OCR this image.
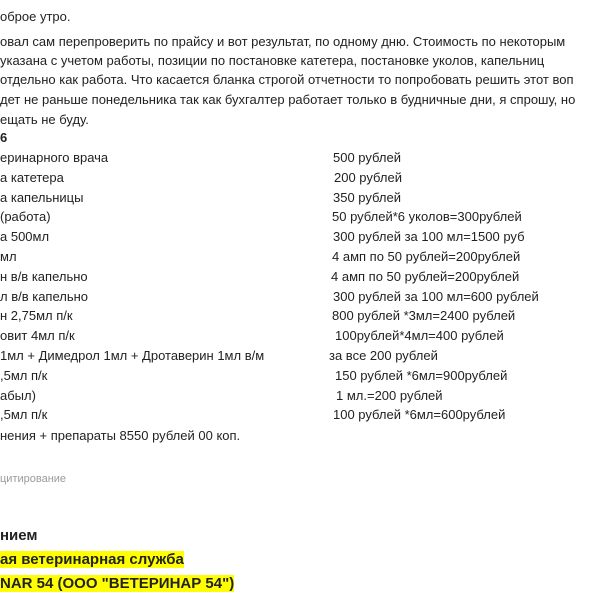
оброе утро.
овал сам перепроверить по прайсу и вот результат, по одному дню. Стоимость по некоторым
указана с учетом работы, позиции по постановке катетера, постановке уколов, капельниц
отдельно как работа. Что касается бланка строгой отчетности то попробовать решить этот воп
дет не раньше понедельника так как бухгалтер работает только в будничные дни, я спрошу, но
ещать не буду.
6
еринарного врача	500 рублей
а катетера	200 рублей
а капельницы	350 рублей
(работа)	50 рублей*6 уколов=300рублей
а 500мл	300 рублей за 100 мл=1500 руб
мл	4 амп по 50 рублей=200рублей
н в/в капельно	4 амп по 50 рублей=200рублей
л в/в капельно	300 рублей за 100 мл=600 рублей
н 2,75мл п/к	800 рублей *3мл=2400 рублей
овит 4мл п/к	100рублей*4мл=400 рублей
1мл + Димедрол 1мл + Дротаверин 1мл в/м	за все 200 рублей
,5мл п/к	150 рублей *6мл=900рублей
абыл)	1 мл.=200 рублей
,5мл п/к	100 рублей *6мл=600рублей
нения + препараты 8550 рублей 00 коп.
цитирование
нием
ая ветеринарная служба
NAR 54 (ООО "ВЕТЕРИНАР 54")
